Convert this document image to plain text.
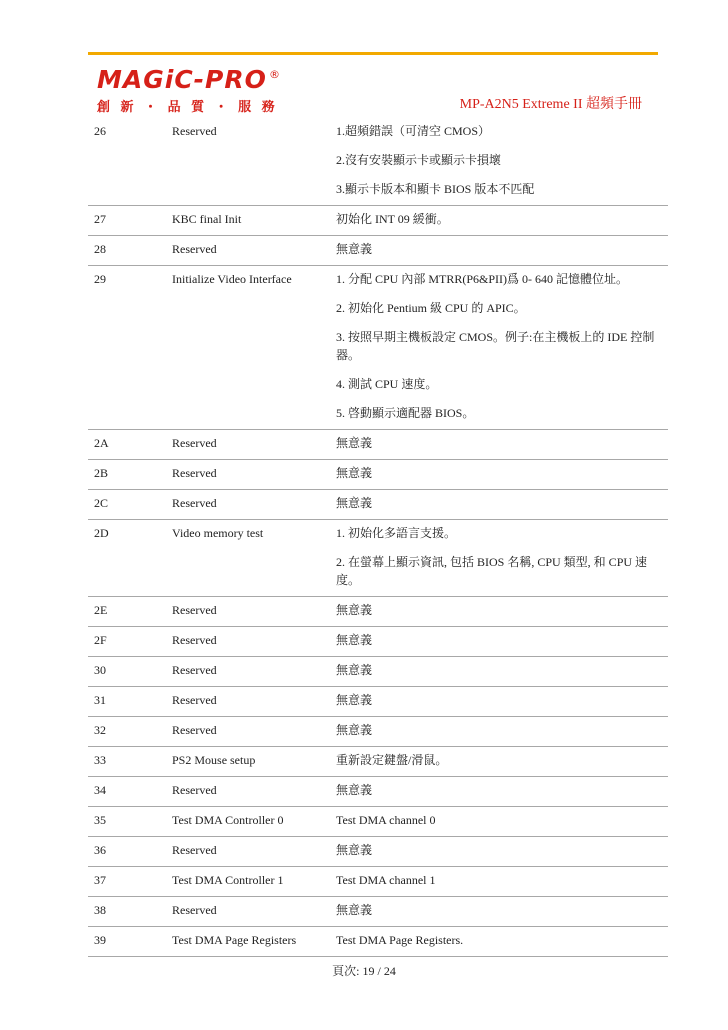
MAGiC-PRO ®
創 新 ・ 品 質 ・ 服 務	MP-A2N5 Extreme II 超頻手冊
26	Reserved	1.超頻錯誤（可清空 CMOS）
2.沒有安裝顯示卡或顯示卡損壞
3.顯示卡版本和顯卡 BIOS 版本不匹配

27	KBC final Init	初始化 INT 09 緩衝。

28	Reserved	無意義

29	Initialize Video Interface	1. 分配 CPU 內部 MTRR(P6&PII)爲 0- 640 記憶體位址。
2. 初始化 Pentium 級 CPU 的 APIC。
3. 按照早期主機板設定 CMOS。例子:在主機板上的 IDE 控制器。
4. 測試 CPU 速度。
5. 啓動顯示適配器 BIOS。

2A	Reserved	無意義

2B	Reserved	無意義

2C	Reserved	無意義

2D	Video memory test	1. 初始化多語言支援。
2. 在螢幕上顯示資訊, 包括 BIOS 名稱, CPU 類型, 和 CPU 速度。

2E	Reserved	無意義

2F	Reserved	無意義

30	Reserved	無意義

31	Reserved	無意義

32	Reserved	無意義

33	PS2 Mouse setup	重新設定鍵盤/滑鼠。

34	Reserved	無意義

35	Test DMA Controller 0	Test DMA channel 0

36	Reserved	無意義

37	Test DMA Controller 1	Test DMA channel 1

38	Reserved	無意義

39	Test DMA Page Registers	Test DMA Page Registers.
頁次: 19 / 24
